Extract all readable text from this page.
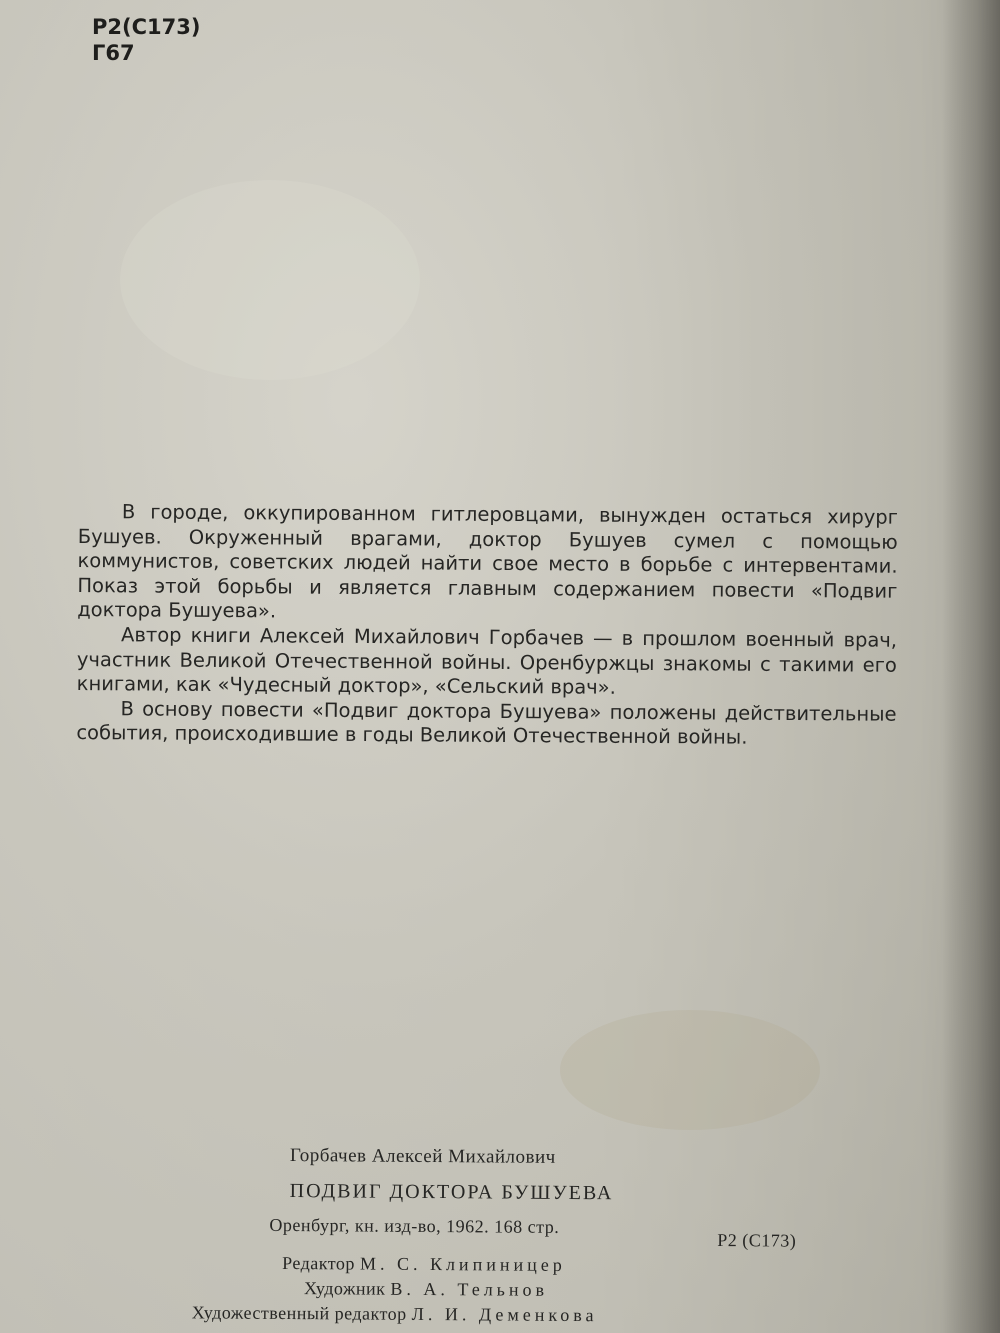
Р2(С173)
Г67

В городе, оккупированном гитлеровцами, вынужден остаться хирург Бушуев. Окруженный врагами, доктор Бушуев сумел с помощью коммунистов, советских людей найти свое место в борьбе с интервентами. Показ этой борьбы и является главным содержанием повести «Подвиг доктора Бушуева».

Автор книги Алексей Михайлович Горбачев — в прошлом военный врач, участник Великой Отечественной войны. Оренбуржцы знакомы с такими его книгами, как «Чудесный доктор», «Сельский врач».

В основу повести «Подвиг доктора Бушуева» положены действительные события, происходившие в годы Великой Отечественной войны.

Горбачев Алексей Михайлович
ПОДВИГ ДОКТОРА БУШУЕВА
Оренбург, кн. изд-во, 1962. 168 стр.
Р2 (С173)
Редактор М. С. Клипиницер
Художник В. А. Тельнов
Художественный редактор Л. И. Деменкова
